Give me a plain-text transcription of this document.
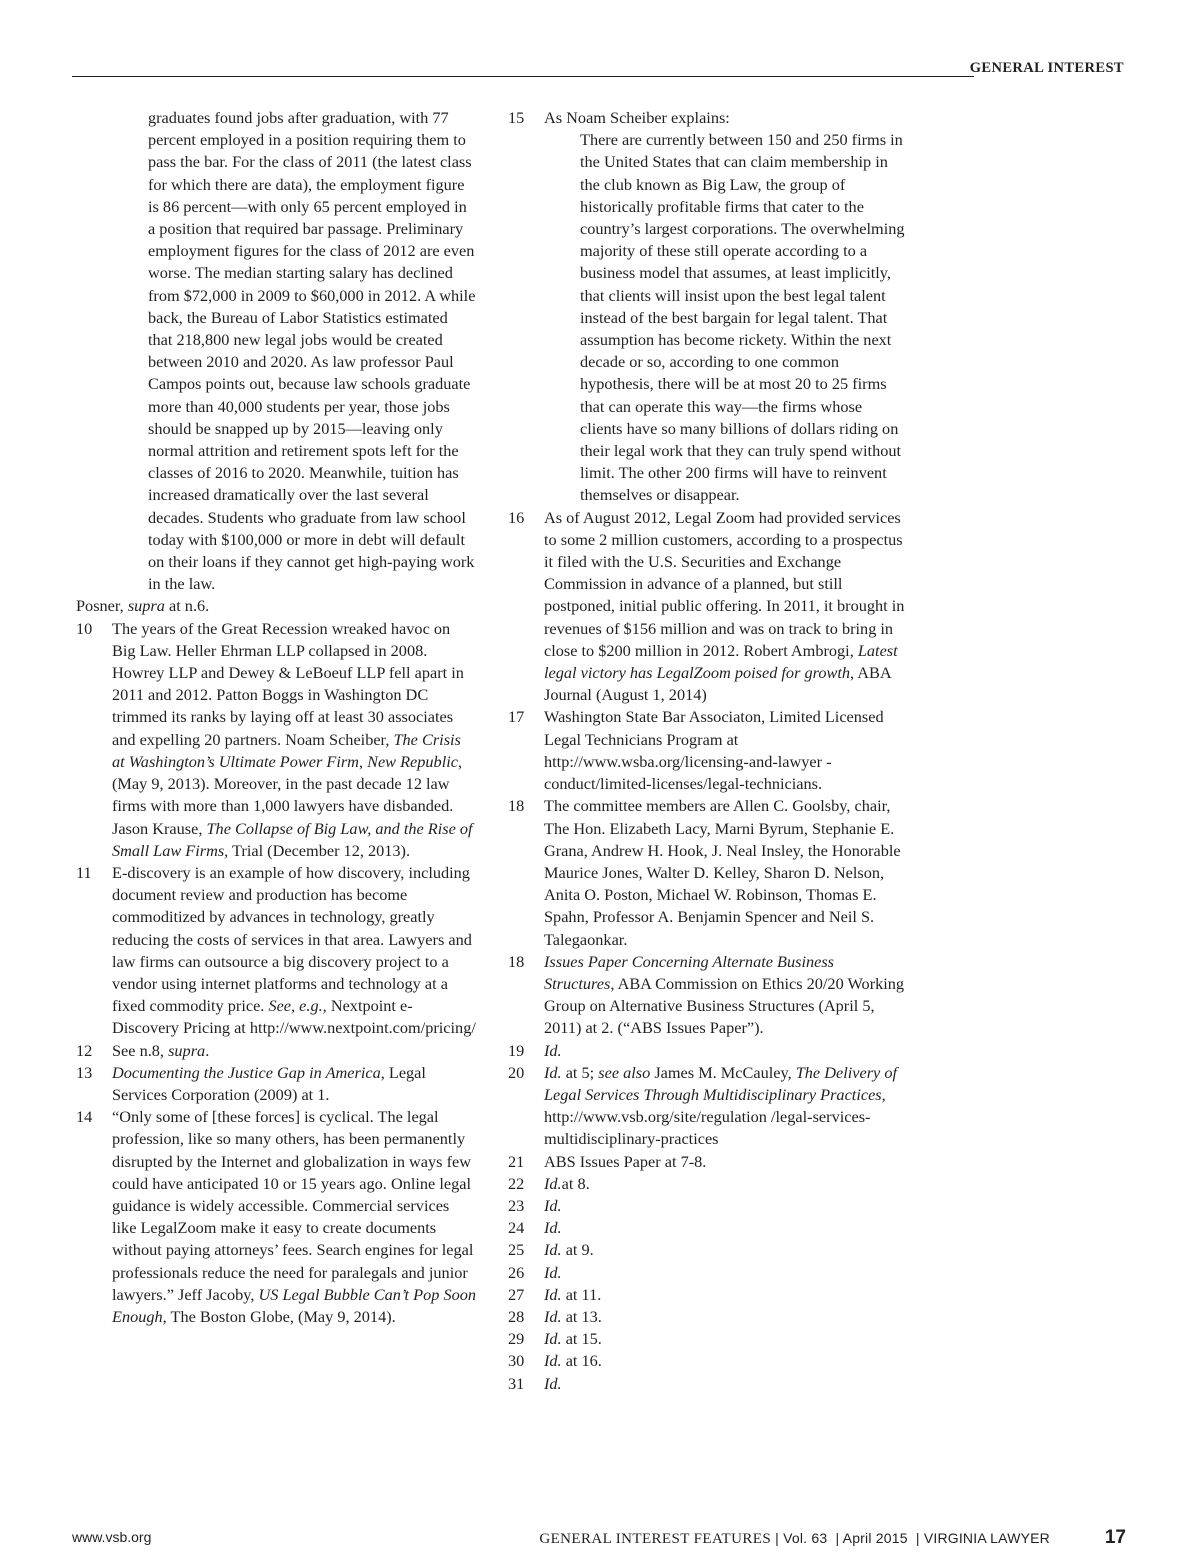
GENERAL INTEREST

graduates found jobs after graduation, with 77 percent employed in a position requiring them to pass the bar. For the class of 2011 (the latest class for which there are data), the employment figure is 86 percent—with only 65 percent employed in a position that required bar passage. Preliminary employment figures for the class of 2012 are even worse. The median starting salary has declined from $72,000 in 2009 to $60,000 in 2012. A while back, the Bureau of Labor Statistics estimated that 218,800 new legal jobs would be created between 2010 and 2020. As law professor Paul Campos points out, because law schools graduate more than 40,000 students per year, those jobs should be snapped up by 2015—leaving only normal attrition and retirement spots left for the classes of 2016 to 2020. Meanwhile, tuition has increased dramatically over the last several decades. Students who graduate from law school today with $100,000 or more in debt will default on their loans if they cannot get high-paying work in the law.

Posner, supra at n.6.

10 The years of the Great Recession wreaked havoc on Big Law. Heller Ehrman LLP collapsed in 2008. Howrey LLP and Dewey & LeBoeuf LLP fell apart in 2011 and 2012. Patton Boggs in Washington DC trimmed its ranks by laying off at least 30 associates and expelling 20 partners. Noam Scheiber, The Crisis at Washington’s Ultimate Power Firm, New Republic, (May 9, 2013). Moreover, in the past decade 12 law firms with more than 1,000 lawyers have disbanded. Jason Krause, The Collapse of Big Law, and the Rise of Small Law Firms, Trial (December 12, 2013).

11 E-discovery is an example of how discovery, including document review and production has become commoditized by advances in technology, greatly reducing the costs of services in that area. Lawyers and law firms can outsource a big discovery project to a vendor using internet platforms and technology at a fixed commodity price. See, e.g., Nextpoint e-Discovery Pricing at http://www.nextpoint.com/pricing/

12 See n.8, supra.

13 Documenting the Justice Gap in America, Legal Services Corporation (2009) at 1.

14 “Only some of [these forces] is cyclical. The legal profession, like so many others, has been permanently disrupted by the Internet and globalization in ways few could have anticipated 10 or 15 years ago. Online legal guidance is widely accessible. Commercial services like LegalZoom make it easy to create documents without paying attorneys’ fees. Search engines for legal professionals reduce the need for paralegals and junior lawyers.” Jeff Jacoby, US Legal Bubble Can’t Pop Soon Enough, The Boston Globe, (May 9, 2014).

15 As Noam Scheiber explains:

There are currently between 150 and 250 firms in the United States that can claim membership in the club known as Big Law, the group of historically profitable firms that cater to the country’s largest corporations. The overwhelming majority of these still operate according to a business model that assumes, at least implicitly, that clients will insist upon the best legal talent instead of the best bargain for legal talent. That assumption has become rickety. Within the next decade or so, according to one common hypothesis, there will be at most 20 to 25 firms that can operate this way—the firms whose clients have so many billions of dollars riding on their legal work that they can truly spend without limit. The other 200 firms will have to reinvent themselves or disappear.

16 As of August 2012, Legal Zoom had provided services to some 2 million customers, according to a prospectus it filed with the U.S. Securities and Exchange Commission in advance of a planned, but still postponed, initial public offering. In 2011, it brought in revenues of $156 million and was on track to bring in close to $200 million in 2012. Robert Ambrogi, Latest legal victory has LegalZoom poised for growth, ABA Journal (August 1, 2014)

17 Washington State Bar Associaton, Limited Licensed Legal Technicians Program at http://www.wsba.org/licensing-and-lawyer -conduct/limited-licenses/legal-technicians.

18 The committee members are Allen C. Goolsby, chair, The Hon. Elizabeth Lacy, Marni Byrum, Stephanie E. Grana, Andrew H. Hook, J. Neal Insley, the Honorable Maurice Jones, Walter D. Kelley, Sharon D. Nelson, Anita O. Poston, Michael W. Robinson, Thomas E. Spahn, Professor A. Benjamin Spencer and Neil S. Talegaonkar.

18 Issues Paper Concerning Alternate Business Structures, ABA Commission on Ethics 20/20 Working Group on Alternative Business Structures (April 5, 2011) at 2. (“ABS Issues Paper”).

19 Id.

20 Id. at 5; see also James M. McCauley, The Delivery of Legal Services Through Multidisciplinary Practices, http://www.vsb.org/site/regulation /legal-services-multidisciplinary-practices

21 ABS Issues Paper at 7-8.

22 Id.at 8.

23 Id.

24 Id.

25 Id. at 9.

26 Id.

27 Id. at 11.

28 Id. at 13.

29 Id. at 15.

30 Id. at 16.

31 Id.

www.vsb.org	GENERAL INTEREST FEATURES | Vol. 63  | April 2015  | VIRGINIA LAWYER	17
